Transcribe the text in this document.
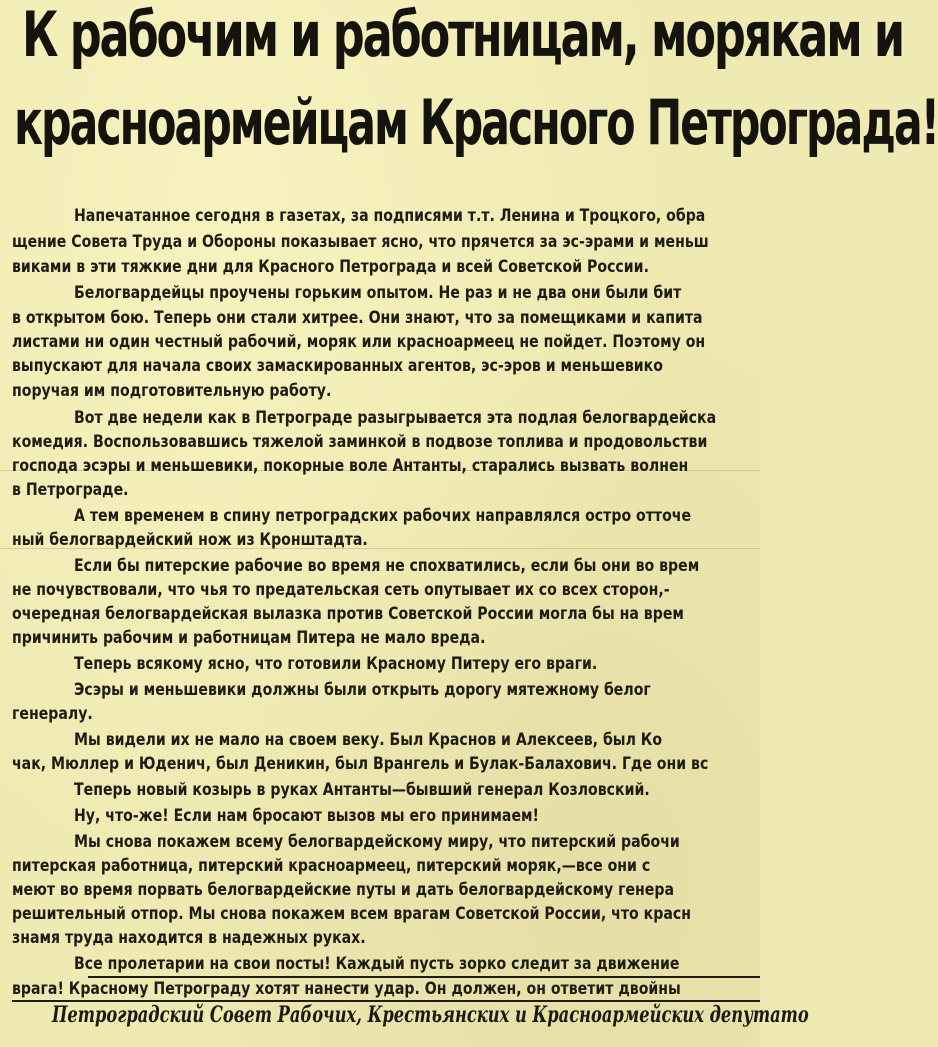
К рабочим и работницам, морякам и
красноармейцам Красного Петрограда!
Напечатанное сегодня в газетах, за подписями т.т. Ленина и Троцкого, обра
щение Совета Труда и Обороны показывает ясно, что прячется за эс-эрами и меньш
виками в эти тяжкие дни для Красного Петрограда и всей Советской России.
Белогвардейцы проучены горьким опытом. Не раз и не два они были бит
в открытом бою. Теперь они стали хитрее. Они знают, что за помещиками и капита
листами ни один честный рабочий, моряк или красноармеец не пойдет. Поэтому он
выпускают для начала своих замаскированных агентов, эс-эров и меньшевико
поручая им подготовительную работу.
Вот две недели как в Петрограде разыгрывается эта подлая белогвардейска
комедия. Воспользовавшись тяжелой заминкой в подвозе топлива и продовольстви
господа эсэры и меньшевики, покорные воле Антанты, старались вызвать волнен
в Петрограде.
А тем временем в спину петроградских рабочих направлялся остро отточе
ный белогвардейский нож из Кронштадта.
Если бы питерские рабочие во время не спохватились, если бы они во врем
не почувствовали, что чья то предательская сеть опутывает их со всех сторон,-
очередная белогвардейская вылазка против Советской России могла бы на врем
причинить рабочим и работницам Питера не мало вреда.
Теперь всякому ясно, что готовили Красному Питеру его враги.
Эсэры и меньшевики должны были открыть дорогу мятежному белог
генералу.
Мы видели их не мало на своем веку. Был Краснов и Алексеев, был Ко
чак, Мюллер и Юденич, был Деникин, был Врангель и Булак-Балахович. Где они вс
Теперь новый козырь в руках Антанты—бывший генерал Козловский.
Ну, что-же! Если нам бросают вызов мы его принимаем!
Мы снова покажем всему белогвардейскому миру, что питерский рабочи
питерская работница, питерский красноармеец, питерский моряк,—все они с
меют во время порвать белогвардейские путы и дать белогвардейскому генера
решительный отпор. Мы снова покажем всем врагам Советской России, что красн
знамя труда находится в надежных руках.
Все пролетарии на свои посты! Каждый пусть зорко следит за движение
врага! Красному Петрограду хотят нанести удар. Он должен, он ответит двойны
Петроградский Совет Рабочих, Крестьянских и Красноармейских депутато
